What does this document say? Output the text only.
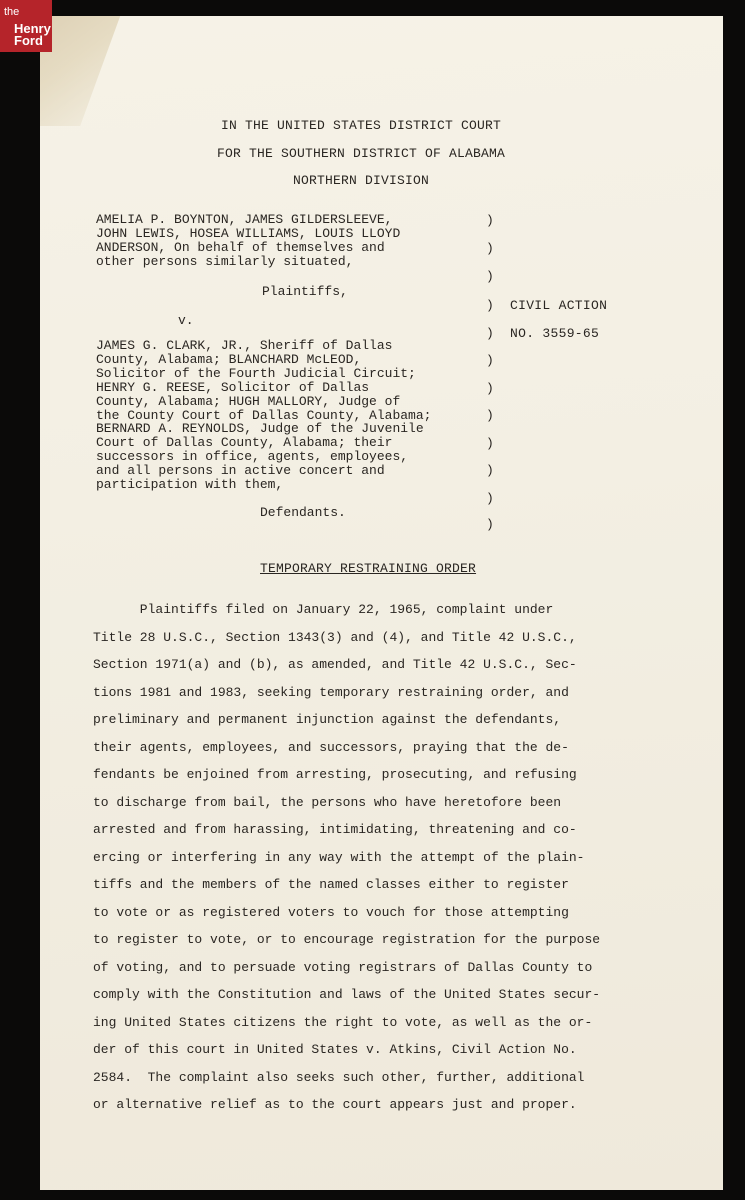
the
Henry
Ford
IN THE UNITED STATES DISTRICT COURT
FOR THE SOUTHERN DISTRICT OF ALABAMA
NORTHERN DIVISION
AMELIA P. BOYNTON, JAMES GILDERSLEEVE,
JOHN LEWIS, HOSEA WILLIAMS, LOUIS LLOYD
ANDERSON, On behalf of themselves and
other persons similarly situated,
Plaintiffs,
v.
JAMES G. CLARK, JR., Sheriff of Dallas
County, Alabama; BLANCHARD McLEOD,
Solicitor of the Fourth Judicial Circuit;
HENRY G. REESE, Solicitor of Dallas
County, Alabama; HUGH MALLORY, Judge of
the County Court of Dallas County, Alabama;
BERNARD A. REYNOLDS, Judge of the Juvenile
Court of Dallas County, Alabama; their
successors in office, agents, employees,
and all persons in active concert and
participation with them,
Defendants.
)
)
)
)
)
)
)
)
)
)
)
)
CIVIL ACTION
NO. 3559-65
TEMPORARY RESTRAINING ORDER
Plaintiffs filed on January 22, 1965, complaint under
Title 28 U.S.C., Section 1343(3) and (4), and Title 42 U.S.C.,
Section 1971(a) and (b), as amended, and Title 42 U.S.C., Sec-
tions 1981 and 1983, seeking temporary restraining order, and
preliminary and permanent injunction against the defendants,
their agents, employees, and successors, praying that the de-
fendants be enjoined from arresting, prosecuting, and refusing
to discharge from bail, the persons who have heretofore been
arrested and from harassing, intimidating, threatening and co-
ercing or interfering in any way with the attempt of the plain-
tiffs and the members of the named classes either to register
to vote or as registered voters to vouch for those attempting
to register to vote, or to encourage registration for the purpose
of voting, and to persuade voting registrars of Dallas County to
comply with the Constitution and laws of the United States secur-
ing United States citizens the right to vote, as well as the or-
der of this court in United States v. Atkins, Civil Action No.
2584.  The complaint also seeks such other, further, additional
or alternative relief as to the court appears just and proper.
